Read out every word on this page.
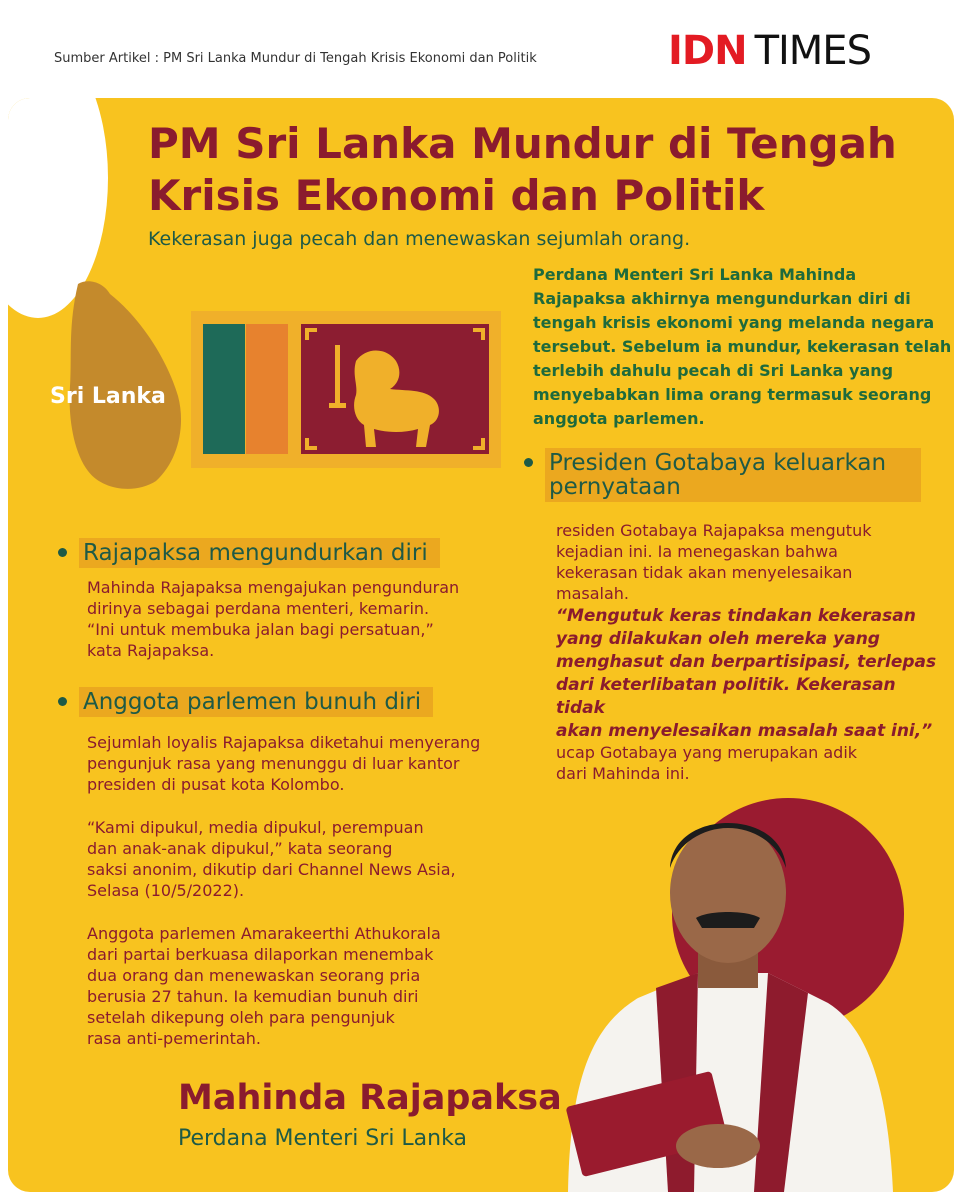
Sumber Artikel : PM Sri Lanka Mundur di Tengah Krisis Ekonomi dan Politik	IDN TIMES
PM Sri Lanka Mundur di Tengah Krisis Ekonomi dan Politik
Kekerasan juga pecah dan menewaskan sejumlah orang.
Sri Lanka
Perdana Menteri Sri Lanka Mahinda Rajapaksa akhirnya mengundurkan diri di tengah krisis ekonomi yang melanda negara tersebut. Sebelum ia mundur, kekerasan telah terlebih dahulu pecah di Sri Lanka yang menyebabkan lima orang termasuk seorang anggota parlemen.
Rajapaksa mengundurkan diri
Mahinda Rajapaksa mengajukan pengunduran
dirinya sebagai perdana menteri, kemarin.
“Ini untuk membuka jalan bagi persatuan,”
kata Rajapaksa.
Anggota parlemen bunuh diri
Sejumlah loyalis Rajapaksa diketahui menyerang
pengunjuk rasa yang menunggu di luar kantor
presiden di pusat kota Kolombo.
“Kami dipukul, media dipukul, perempuan
dan anak-anak dipukul,” kata seorang
saksi anonim, dikutip dari Channel News Asia,
Selasa (10/5/2022).
Anggota parlemen Amarakeerthi Athukorala
dari partai berkuasa dilaporkan menembak
dua orang dan menewaskan seorang pria
berusia 27 tahun. Ia kemudian bunuh diri
setelah dikepung oleh para pengunjuk
rasa anti-pemerintah.
Presiden Gotabaya keluarkan pernyataan
residen Gotabaya Rajapaksa mengutuk
kejadian ini. Ia menegaskan bahwa
kekerasan tidak akan menyelesaikan
masalah.
“Mengutuk keras tindakan kekerasan
yang dilakukan oleh mereka yang
menghasut dan berpartisipasi, terlepas
dari keterlibatan politik. Kekerasan tidak
akan menyelesaikan masalah saat ini,”
ucap Gotabaya yang merupakan adik
dari Mahinda ini.
Mahinda Rajapaksa
Perdana Menteri Sri Lanka
